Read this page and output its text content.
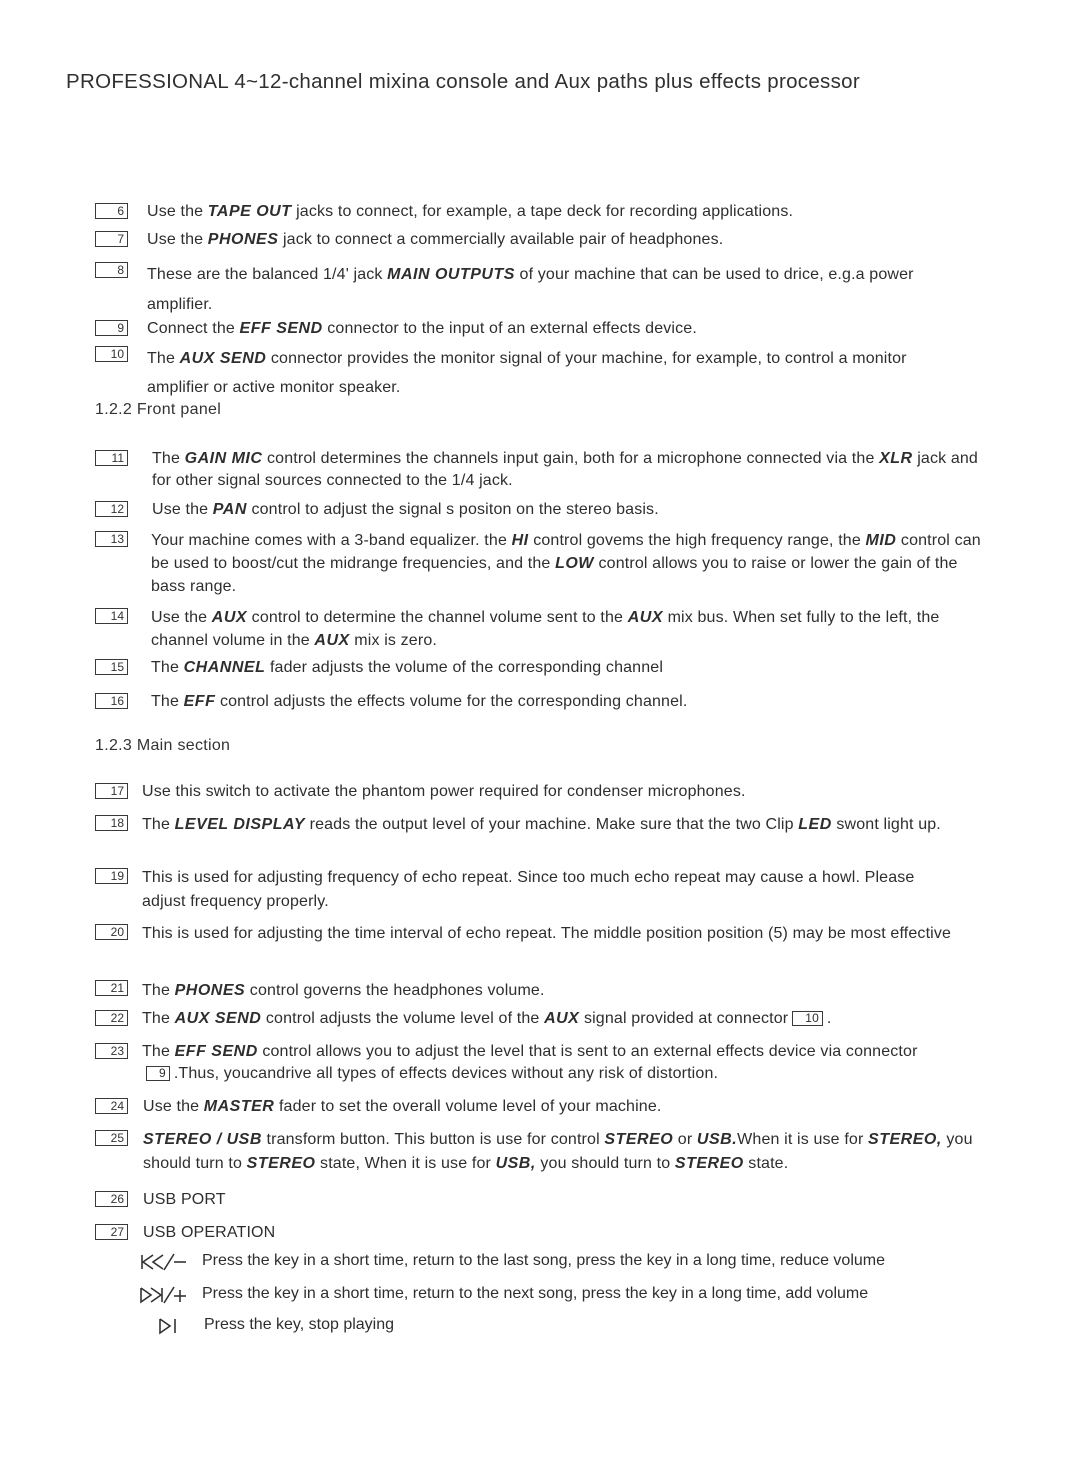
PROFESSIONAL 4~12-channel mixina console and Aux paths plus effects processor
6 Use the TAPE OUT jacks to connect, for example, a tape deck for recording applications.
7 Use the PHONES jack to connect a commercially available pair of headphones.
8 These are the balanced 1/4' jack MAIN OUTPUTS of your machine that can be used to drice, e.g.a power amplifier.
9 Connect the EFF SEND connector to the input of an external effects device.
10 The AUX SEND connector provides the monitor signal of your machine, for example, to control a monitor amplifier or active monitor speaker.
1.2.2 Front panel
11 The GAIN MIC control determines the channels input gain, both for a microphone connected via the XLR jack and for other signal sources connected to the 1/4 jack.
12 Use the PAN control to adjust the signal s positon on the stereo basis.
13 Your machine comes with a 3-band equalizer. the HI control govems the high frequency range, the MID control can be used to boost/cut the midrange frequencies, and the LOW control allows you to raise or lower the gain of the bass range.
14 Use the AUX control to determine the channel volume sent to the AUX mix bus. When set fully to the left, the channel volume in the AUX mix is zero.
15 The CHANNEL fader adjusts the volume of the corresponding channel
16 The EFF control adjusts the effects volume for the corresponding channel.
1.2.3 Main section
17 Use this switch to activate the phantom power required for condenser microphones.
18 The LEVEL DISPLAY reads the output level of your machine. Make sure that the two Clip LED swont light up.
19 This is used for adjusting frequency of echo repeat. Since too much echo repeat may cause a howl. Please adjust frequency properly.
20 This is used for adjusting the time interval of echo repeat. The middle position position (5) may be most effective
21 The PHONES control governs the headphones volume.
22 The AUX SEND control adjusts the volume level of the AUX signal provided at connector 10 .
23 The EFF SEND control allows you to adjust the level that is sent to an external effects device via connector 9 .Thus, youcandrive all types of effects devices without any risk of distortion.
24 Use the MASTER fader to set the overall volume level of your machine.
25 STEREO / USB transform button. This button is use for control STEREO or USB.When it is use for STEREO, you should turn to STEREO state, When it is use for USB, you should turn to STEREO state.
26 USB PORT
27 USB OPERATION
Press the key in a short time, return to the last song, press the key in a long time, reduce volume
Press the key in a short time, return to the next song, press the key in a long time, add volume
Press the key, stop playing
